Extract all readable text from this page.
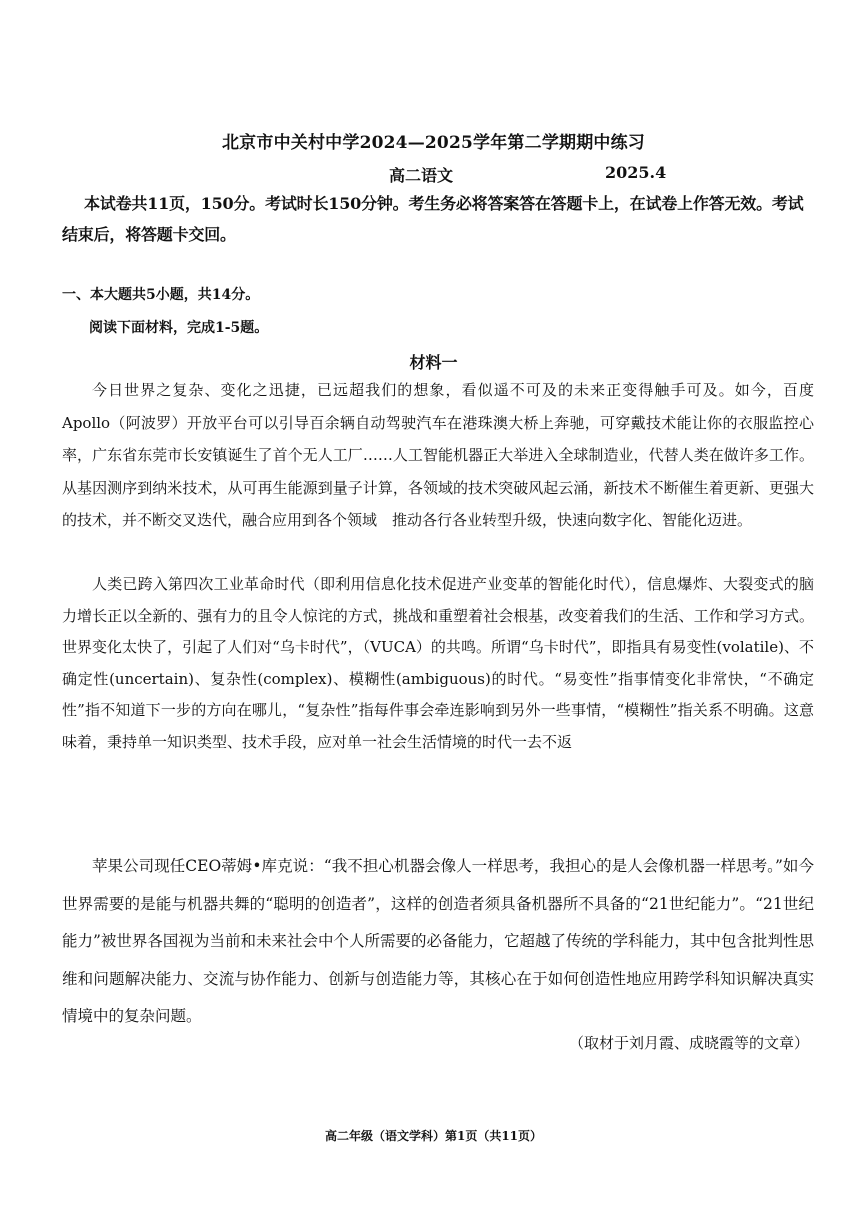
北京市中关村中学2024—2025学年第二学期期中练习
高二语文	2025.4
本试卷共11页，150分。考试时长150分钟。考生务必将答案答在答题卡上，在试卷上作答无效。考试结束后，将答题卡交回。
一、本大题共5小题，共14分。
阅读下面材料，完成1-5题。
材料一

今日世界之复杂、变化之迅捷，已远超我们的想象，看似遥不可及的未来正变得触手可及。如今，百度Apollo（阿波罗）开放平台可以引导百余辆自动驾驶汽车在港珠澳大桥上奔驰，可穿戴技术能让你的衣服监控心率，广东省东莞市长安镇诞生了首个无人工厂……人工智能机器正大举进入全球制造业，代替人类在做许多工作。从基因测序到纳米技术，从可再生能源到量子计算，各领域的技术突破风起云涌，新技术不断催生着更新、更强大的技术，并不断交叉迭代，融合应用到各个领域　推动各行各业转型升级，快速向数字化、智能化迈进。

人类已跨入第四次工业革命时代（即利用信息化技术促进产业变革的智能化时代），信息爆炸、大裂变式的脑力增长正以全新的、强有力的且令人惊诧的方式，挑战和重塑着社会根基，改变着我们的生活、工作和学习方式。世界变化太快了，引起了人们对“乌卡时代”，（VUCA）的共鸣。所谓“乌卡时代”，即指具有易变性(volatile)、不确定性(uncertain)、复杂性(complex)、模糊性(ambiguous)的时代。“易变性”指事情变化非常快，“不确定性”指不知道下一步的方向在哪儿，“复杂性”指每件事会牵连影响到另外一些事情，“模糊性”指关系不明确。这意味着，秉持单一知识类型、技术手段，应对单一社会生活情境的时代一去不返

苹果公司现任CEO蒂姆•库克说：“我不担心机器会像人一样思考，我担心的是人会像机器一样思考。”如今世界需要的是能与机器共舞的“聪明的创造者”，这样的创造者须具备机器所不具备的“21世纪能力”。“21世纪能力”被世界各国视为当前和未来社会中个人所需要的必备能力，它超越了传统的学科能力，其中包含批判性思维和问题解决能力、交流与协作能力、创新与创造能力等，其核心在于如何创造性地应用跨学科知识解决真实情境中的复杂问题。

（取材于刘月霞、成晓霞等的文章）
高二年级（语文学科）第1页（共11页）
